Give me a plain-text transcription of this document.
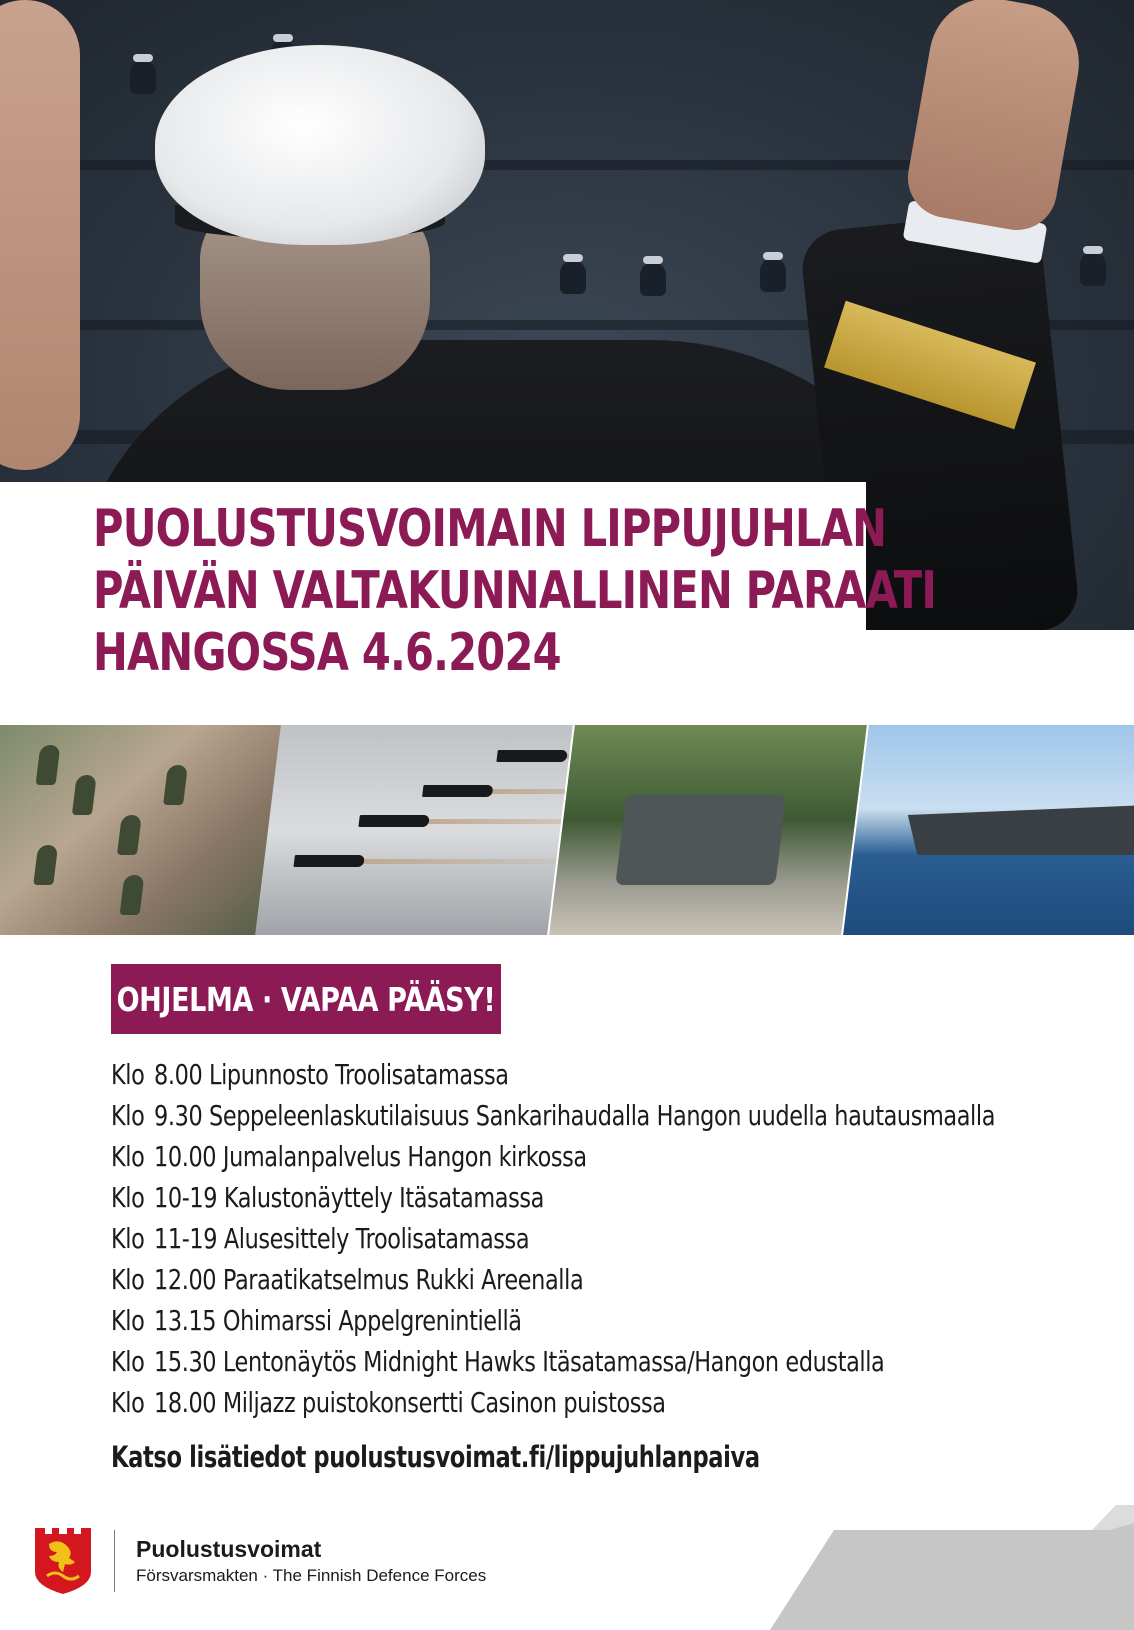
PUOLUSTUSVOIMAIN LIPPUJUHLAN
PÄIVÄN VALTAKUNNALLINEN PARAATI
HANGOSSA 4.6.2024
OHJELMA · VAPAA PÄÄSY!
Klo 8.00 Lipunnosto Troolisatamassa
Klo 9.30 Seppeleenlaskutilaisuus Sankarihaudalla Hangon uudella hautausmaalla
Klo 10.00 Jumalanpalvelus Hangon kirkossa
Klo 10-19 Kalustonäyttely Itäsatamassa
Klo 11-19 Alusesittely Troolisatamassa
Klo 12.00 Paraatikatselmus Rukki Areenalla
Klo 13.15 Ohimarssi Appelgrenintiellä
Klo 15.30 Lentonäytös Midnight Hawks Itäsatamassa/Hangon edustalla
Klo 18.00 Miljazz puistokonsertti Casinon puistossa

Katso lisätiedot puolustusvoimat.fi/lippujuhlanpaiva

Puolustusvoimat

Försvarsmakten · The Finnish Defence Forces
